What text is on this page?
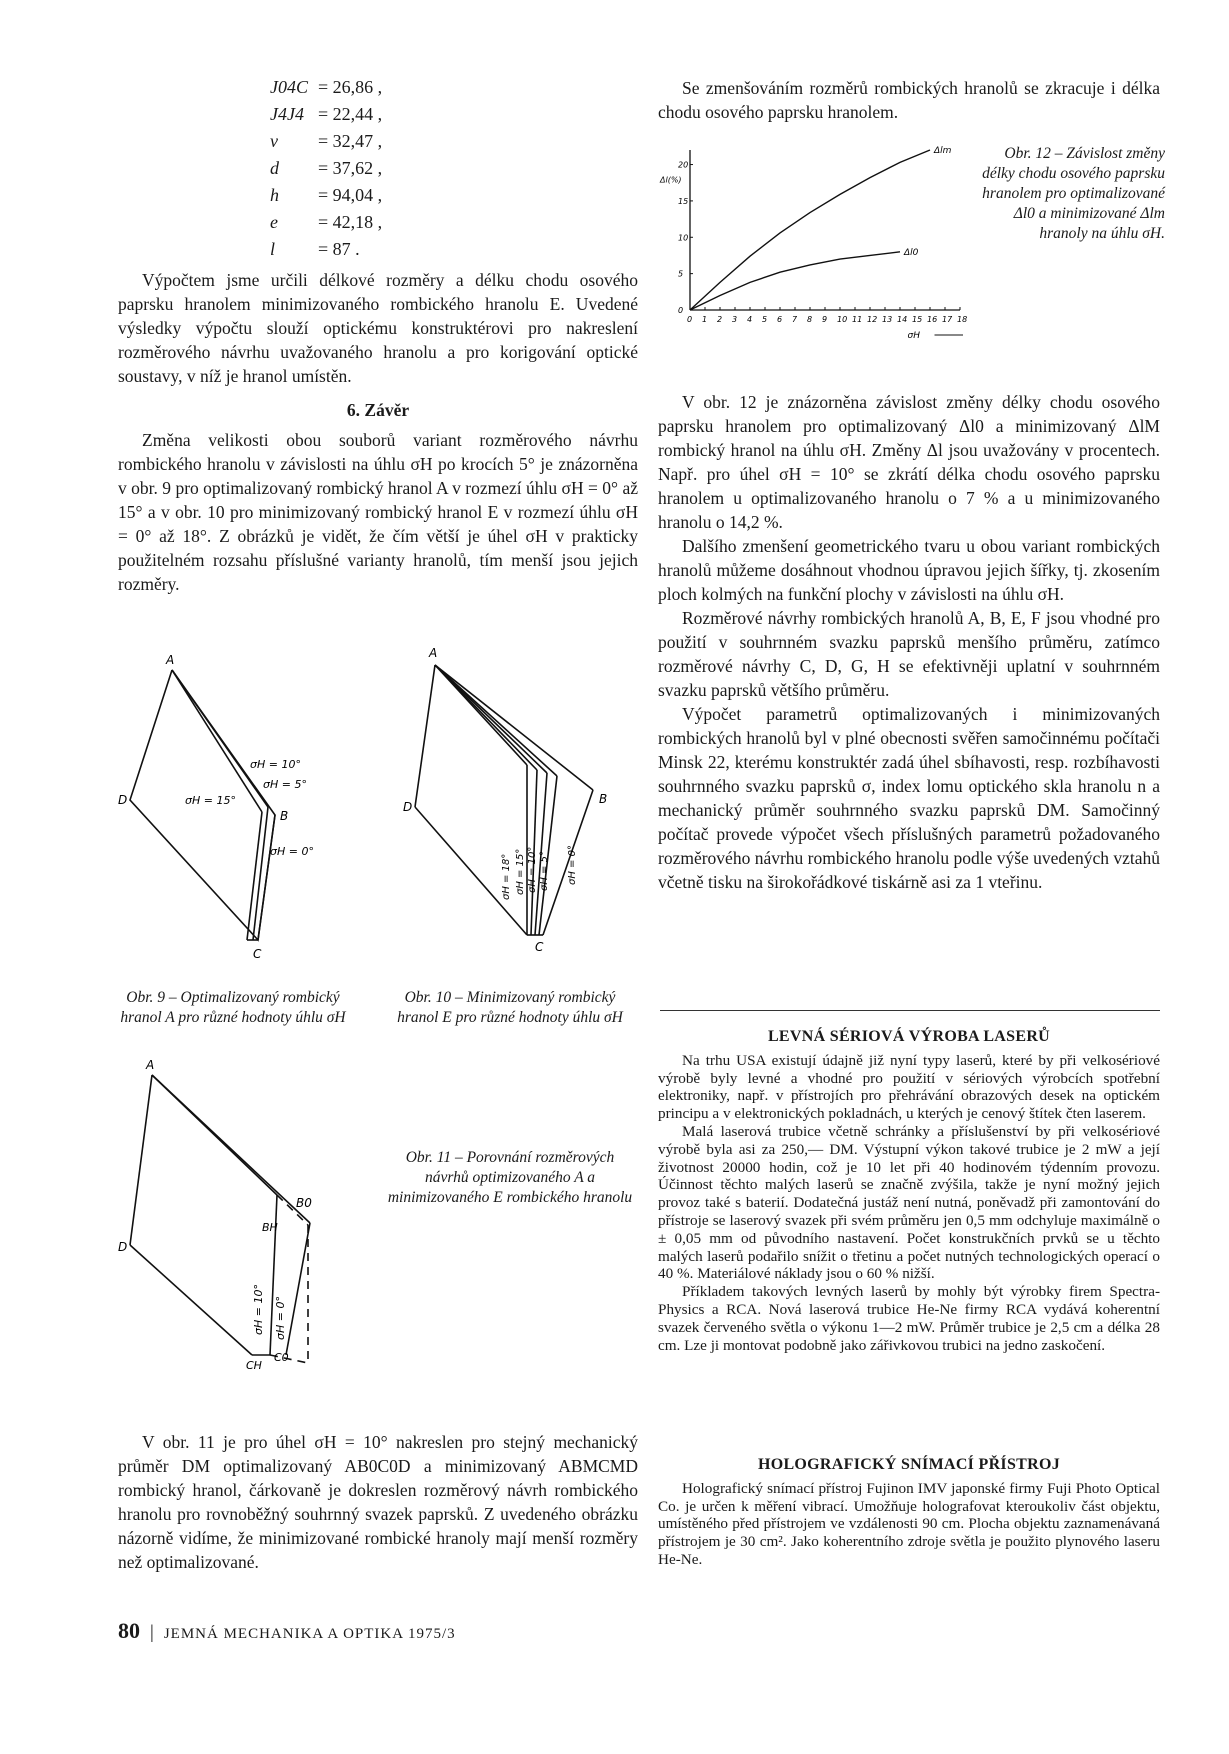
J04C = 26,86 ,
J4J4 = 22,44 ,
v	= 32,47 ,
d	= 37,62 ,
h	= 94,04 ,
e	= 42,18 ,
l	= 87 .

Výpočtem jsme určili délkové rozměry a délku chodu osového paprsku hranolem minimizovaného rombického hranolu E. Uvedené výsledky výpočtu slouží optickému konstruktérovi pro nakreslení rozměrového návrhu uvažovaného hranolu a pro korigování optické soustavy, v níž je hranol umístěn.

6. Závěr

Změna velikosti obou souborů variant rozměrového návrhu rombického hranolu v závislosti na úhlu σH po krocích 5° je znázorněna v obr. 9 pro optimalizovaný rombický hranol A v rozmezí úhlu σH = 0° až 15° a v obr. 10 pro minimizovaný rombický hranol E v rozmezí úhlu σH = 0° až 18°. Z obrázků je vidět, že čím větší je úhel σH v prakticky použitelném rozsahu příslušné varianty hranolů, tím menší jsou jejich rozměry.

A
D
B
C
σH = 10°
σH = 5°
σH = 15°
σH = 0°
Obr. 9 – Optimalizovaný rombický hranol A pro různé hodnoty úhlu σH
A
D
B
C
σH = 18° σH = 15° σH = 10° σH = 5° σH = 0°
Obr. 10 – Minimizovaný rombický hranol E pro různé hodnoty úhlu σH
A
D
B0
BH
CH
C0
σH = 10° σH = 0°
Obr. 11 – Porovnání rozměrových návrhů optimizovaného A a minimizovaného E rombického hranolu

V obr. 11 je pro úhel σH = 10° nakreslen pro stejný mechanický průměr DM optimalizovaný AB0C0D a minimizovaný ABMCMD rombický hranol, čárkovaně je dokreslen rozměrový návrh rombického hranolu pro rovnoběžný souhrnný svazek paprsků. Z uvedeného obrázku názorně vidíme, že minimizované rombické hranoly mají menší rozměry než optimalizované.

Se zmenšováním rozměrů rombických hranolů se zkracuje i délka chodu osového paprsku hranolem.

0 1 2 3 4 5 6 7 8 9 10 11 12 13 14 15 16 17 18
0
5
10
15
20
Δl(%)
σH
Δlm
Δl0
Obr. 12 – Závislost změny délky chodu osového paprsku hranolem pro optimalizované Δl0 a minimizované Δlm hranoly na úhlu σH.

V obr. 12 je znázorněna závislost změny délky chodu osového paprsku hranolem pro optimalizovaný Δl0 a minimizovaný ΔlM rombický hranol na úhlu σH. Změny Δl jsou uvažovány v procentech. Např. pro úhel σH = 10° se zkrátí délka chodu osového paprsku hranolem u optimalizovaného hranolu o 7 % a u minimizovaného hranolu o 14,2 %.

Dalšího zmenšení geometrického tvaru u obou variant rombických hranolů můžeme dosáhnout vhodnou úpravou jejich šířky, tj. zkosením ploch kolmých na funkční plochy v závislosti na úhlu σH.

Rozměrové návrhy rombických hranolů A, B, E, F jsou vhodné pro použití v souhrnném svazku paprsků menšího průměru, zatímco rozměrové návrhy C, D, G, H se efektivněji uplatní v souhrnném svazku paprsků většího průměru.

Výpočet parametrů optimalizovaných i minimizovaných rombických hranolů byl v plné obecnosti svěřen samočinnému počítači Minsk 22, kterému konstruktér zadá úhel sbíhavosti, resp. rozbíhavosti souhrnného svazku paprsků σ, index lomu optického skla hranolu n a mechanický průměr souhrnného svazku paprsků DM. Samočinný počítač provede výpočet všech příslušných parametrů požadovaného rozměrového návrhu rombického hranolu podle výše uvedených vztahů včetně tisku na širokořádkové tiskárně asi za 1 vteřinu.

LEVNÁ SÉRIOVÁ VÝROBA LASERŮ

Na trhu USA existují údajně již nyní typy laserů, které by při velkosériové výrobě byly levné a vhodné pro použití v sériových výrobcích spotřební elektroniky, např. v přístrojích pro přehrávání obrazových desek na optickém principu a v elektronických pokladnách, u kterých je cenový štítek čten laserem.

Malá laserová trubice včetně schránky a příslušenství by při velkosériové výrobě byla asi za 250,— DM. Výstupní výkon takové trubice je 2 mW a její životnost 20000 hodin, což je 10 let při 40 hodinovém týdenním provozu. Účinnost těchto malých laserů se značně zvýšila, takže je nyní možný jejich provoz také s baterií. Dodatečná justáž není nutná, poněvadž při zamontování do přístroje se laserový svazek při svém průměru jen 0,5 mm odchyluje maximálně o ± 0,05 mm od původního nastavení. Počet konstrukčních prvků se u těchto malých laserů podařilo snížit o třetinu a počet nutných technologických operací o 40 %. Materiálové náklady jsou o 60 % nižší.

Příkladem takových levných laserů by mohly být výrobky firem Spectra-Physics a RCA. Nová laserová trubice He-Ne firmy RCA vydává koherentní svazek červeného světla o výkonu 1—2 mW. Průměr trubice je 2,5 cm a délka 28 cm. Lze ji montovat podobně jako zářivkovou trubici na jedno zaskočení.

HOLOGRAFICKÝ SNÍMACÍ PŘÍSTROJ

Holografický snímací přístroj Fujinon IMV japonské firmy Fuji Photo Optical Co. je určen k měření vibrací. Umožňuje holografovat kteroukoliv část objektu, umístěného před přístrojem ve vzdálenosti 90 cm. Plocha objektu zaznamenávaná přístrojem je 30 cm². Jako koherentního zdroje světla je použito plynového laseru He-Ne.

80 | JEMNÁ MECHANIKA A OPTIKA 1975/3
